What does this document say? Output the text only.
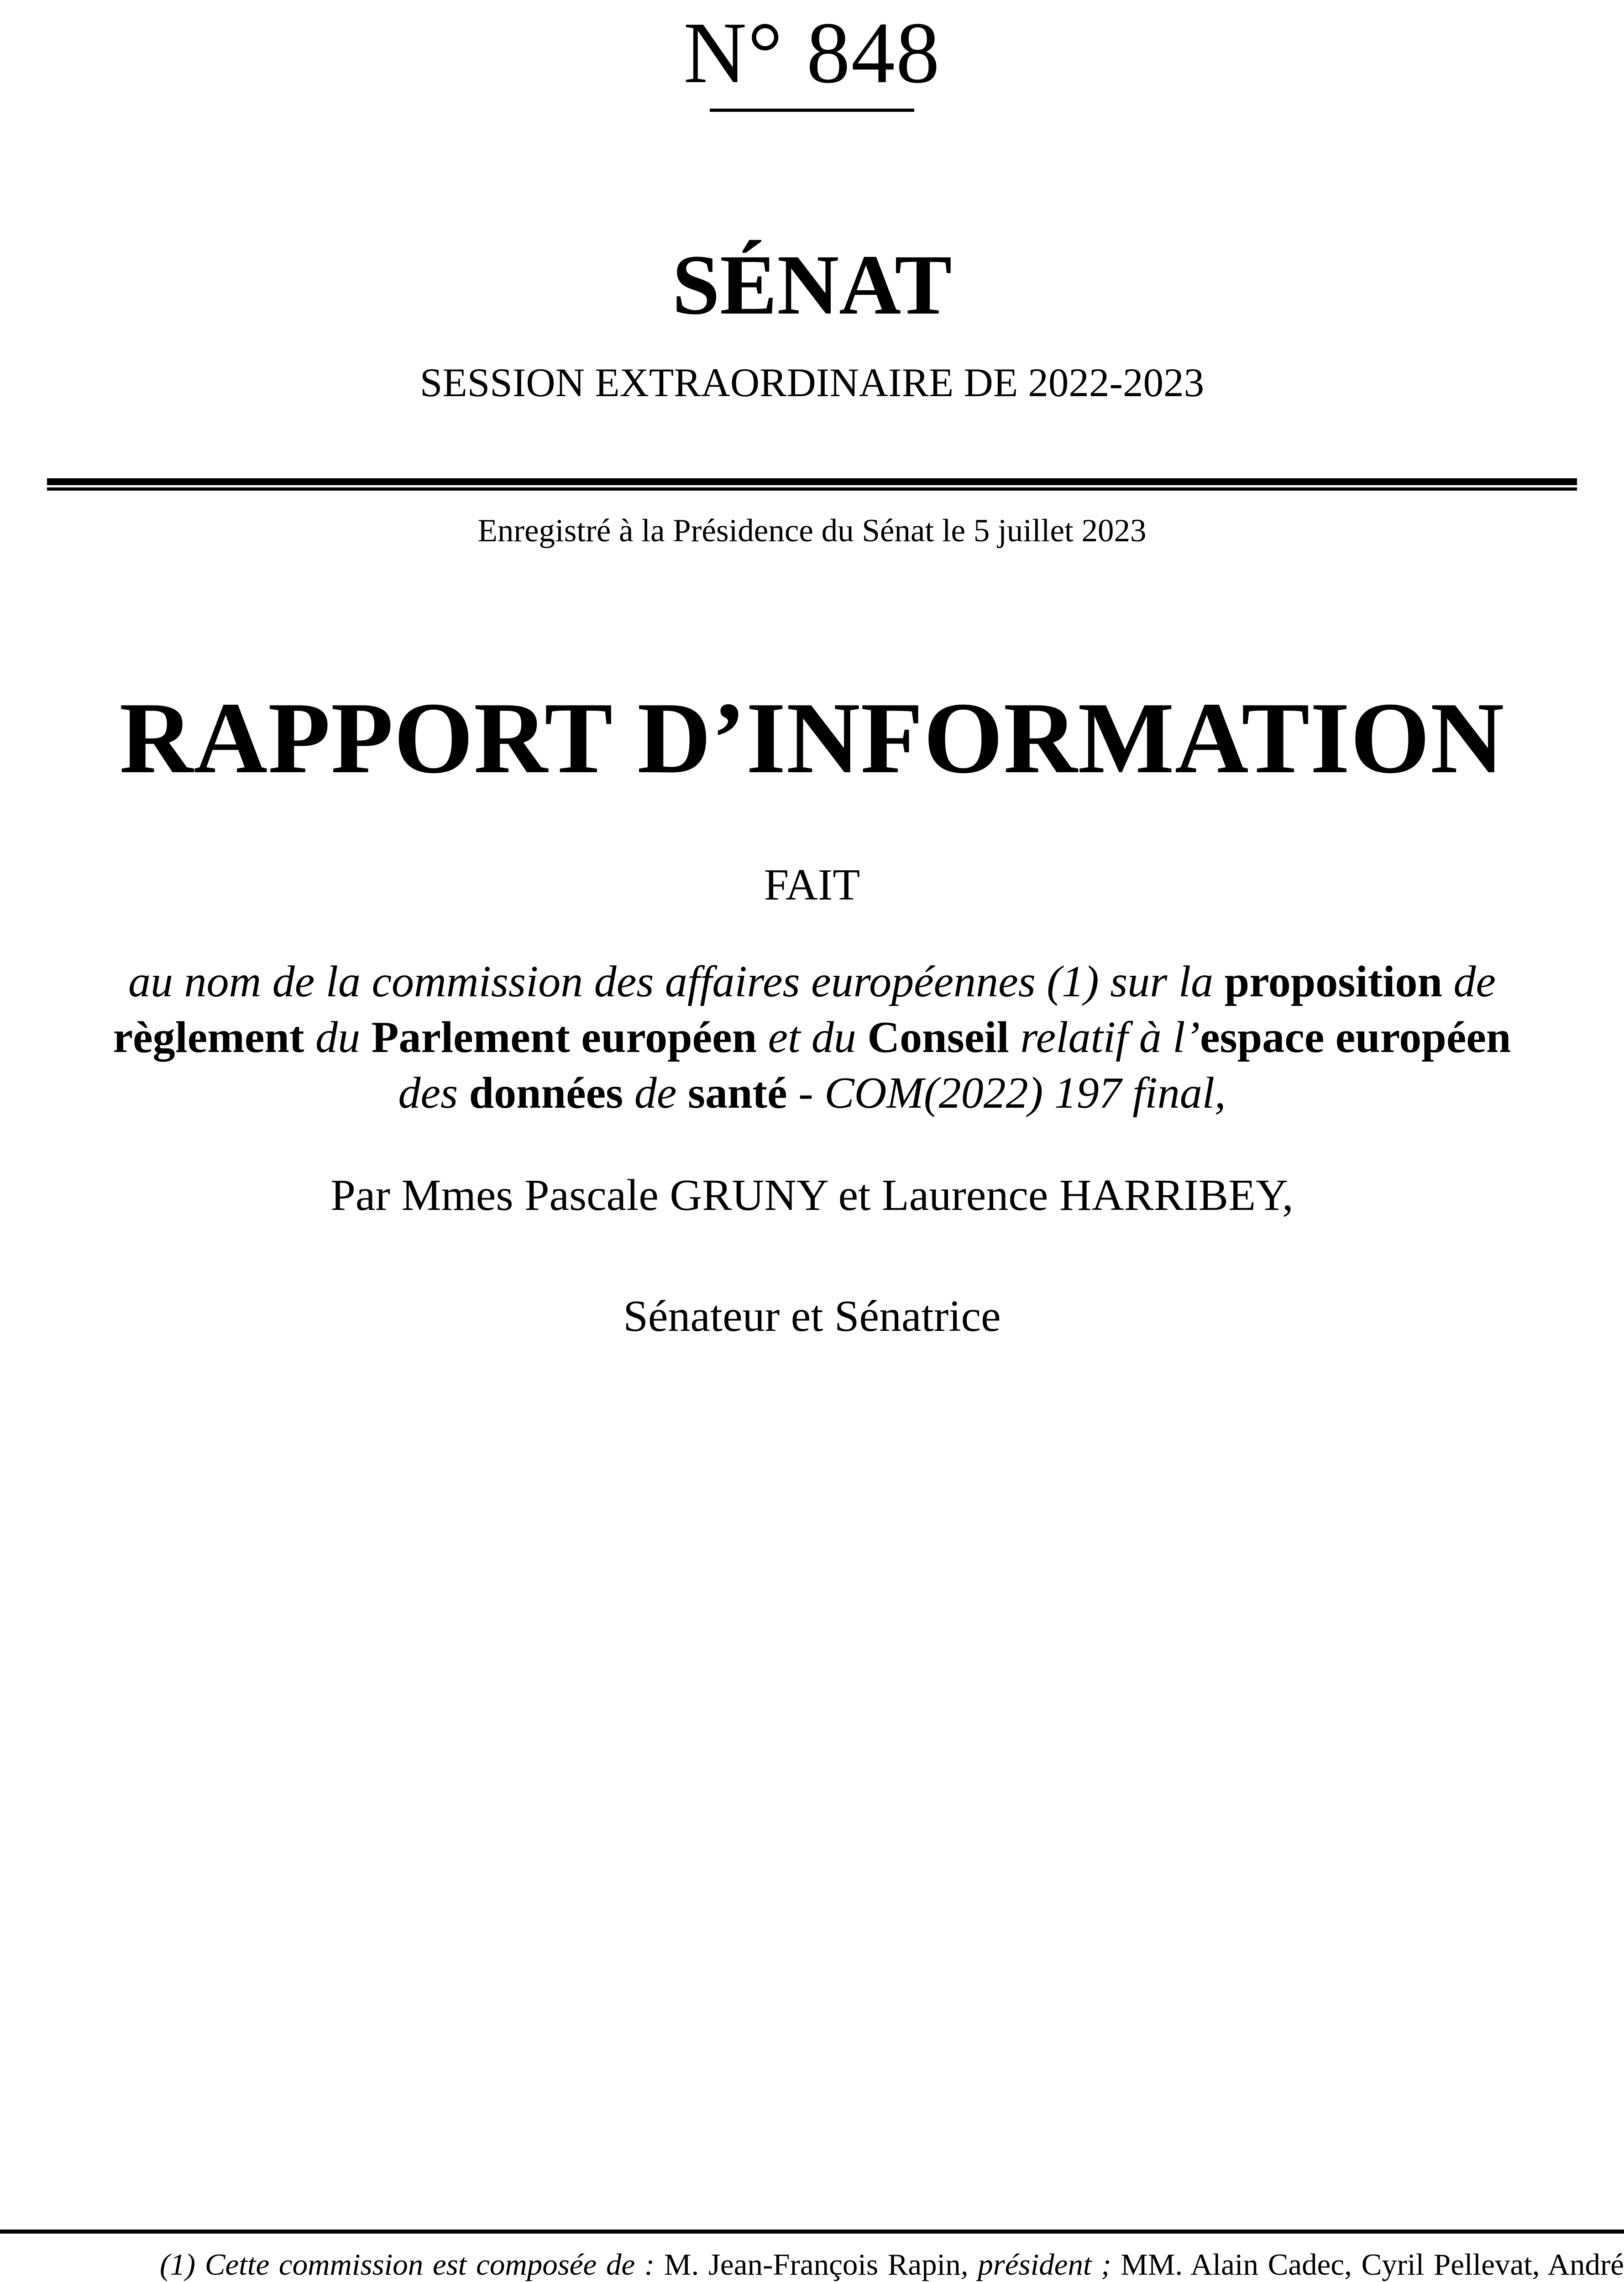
N° 848
SÉNAT
SESSION EXTRAORDINAIRE DE 2022-2023
Enregistré à la Présidence du Sénat le 5 juillet 2023
RAPPORT D’INFORMATION
FAIT
au nom de la commission des affaires européennes (1) sur la proposition de
règlement du Parlement européen et du Conseil relatif à l’espace européen
des données de santé - COM(2022) 197 final,
Par Mmes Pascale GRUNY et Laurence HARRIBEY,
Sénateur et Sénatrice
(1) Cette commission est composée de : M. Jean-François Rapin, président ; MM. Alain Cadec, Cyril Pellevat, André
